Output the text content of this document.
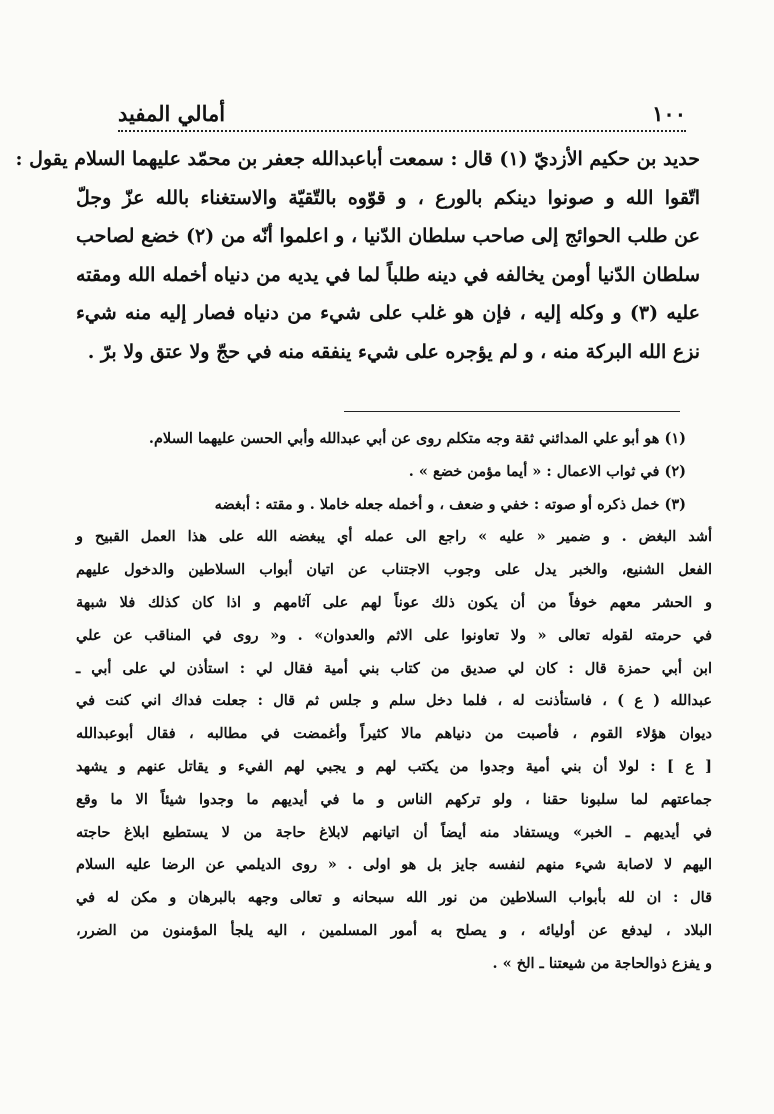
١٠٠
أمالي المفيد
حديد بن حكيم الأزديّ (١) قال : سمعت أباعبدالله جعفر بن محمّد عليهما السلام يقول :
اتّقوا الله و صونوا دينكم بالورع ، و قوّوه بالتّقيّة والاستغناء بالله عزّ وجلّ
عن طلب الحوائج إلى صاحب سلطان الدّنيا ، و اعلموا أنّه من (٢) خضع لصاحب
سلطان الدّنيا أومن يخالفه في دينه طلباً لما في يديه من دنياه أخمله الله ومقته
عليه (٣) و وكله إليه ، فإن هو غلب على شيء من دنياه فصار إليه منه شيء
نزع الله البركة منه ، و لم يؤجره على شيء ينفقه منه في حجّ ولا عتق ولا برّ .
(١) هو أبو علي المدائني ثقة وجه متكلم روى عن أبي عبدالله وأبي الحسن عليهما السلام.
(٢) في ثواب الاعمال : « أيما مؤمن خضع » .
(٣) خمل ذكره أو صوته : خفي و ضعف ، و أخمله جعله خاملا . و مقته : أبغضه
أشد البغض . و ضمير « عليه » راجع الى عمله أي يبغضه الله على هذا العمل القبيح و
الفعل الشنيع، والخبر يدل على وجوب الاجتناب عن اتيان أبواب السلاطين والدخول عليهم
و الحشر معهم خوفاً من أن يكون ذلك عوناً لهم على آثامهم و اذا كان كذلك فلا شبهة
في حرمته لقوله تعالى « ولا تعاونوا على الاثم والعدوان» . و« روى في المناقب عن علي
ابن أبي حمزة قال : كان لي صديق من كتاب بني أمية فقال لي : استأذن لي على أبي ـ
عبدالله ( ع ) ، فاستأذنت له ، فلما دخل سلم و جلس ثم قال : جعلت فداك اني كنت في
ديوان هؤلاء القوم ، فأصبت من دنياهم مالا كثيراً وأغمضت في مطالبه ، فقال أبوعبدالله
[ ع ] : لولا أن بني أمية وجدوا من يكتب لهم و يجبي لهم الفيء و يقاتل عنهم و يشهد
جماعتهم لما سلبونا حقنا ، ولو تركهم الناس و ما في أيديهم ما وجدوا شيئاً الا ما وقع
في أيديهم ـ الخبر» ويستفاد منه أيضاً أن اتيانهم لابلاغ حاجة من لا يستطيع ابلاغ حاجته
اليهم لا لاصابة شيء منهم لنفسه جايز بل هو اولى . « روى الديلمي عن الرضا عليه السلام
قال : ان لله بأبواب السلاطين من نور الله سبحانه و تعالى وجهه بالبرهان و مكن له في
البلاد ، ليدفع عن أوليائه ، و يصلح به أمور المسلمين ، اليه يلجأ المؤمنون من الضرر،
و يفزع ذوالحاجة من شيعتنا ـ الخ » .
